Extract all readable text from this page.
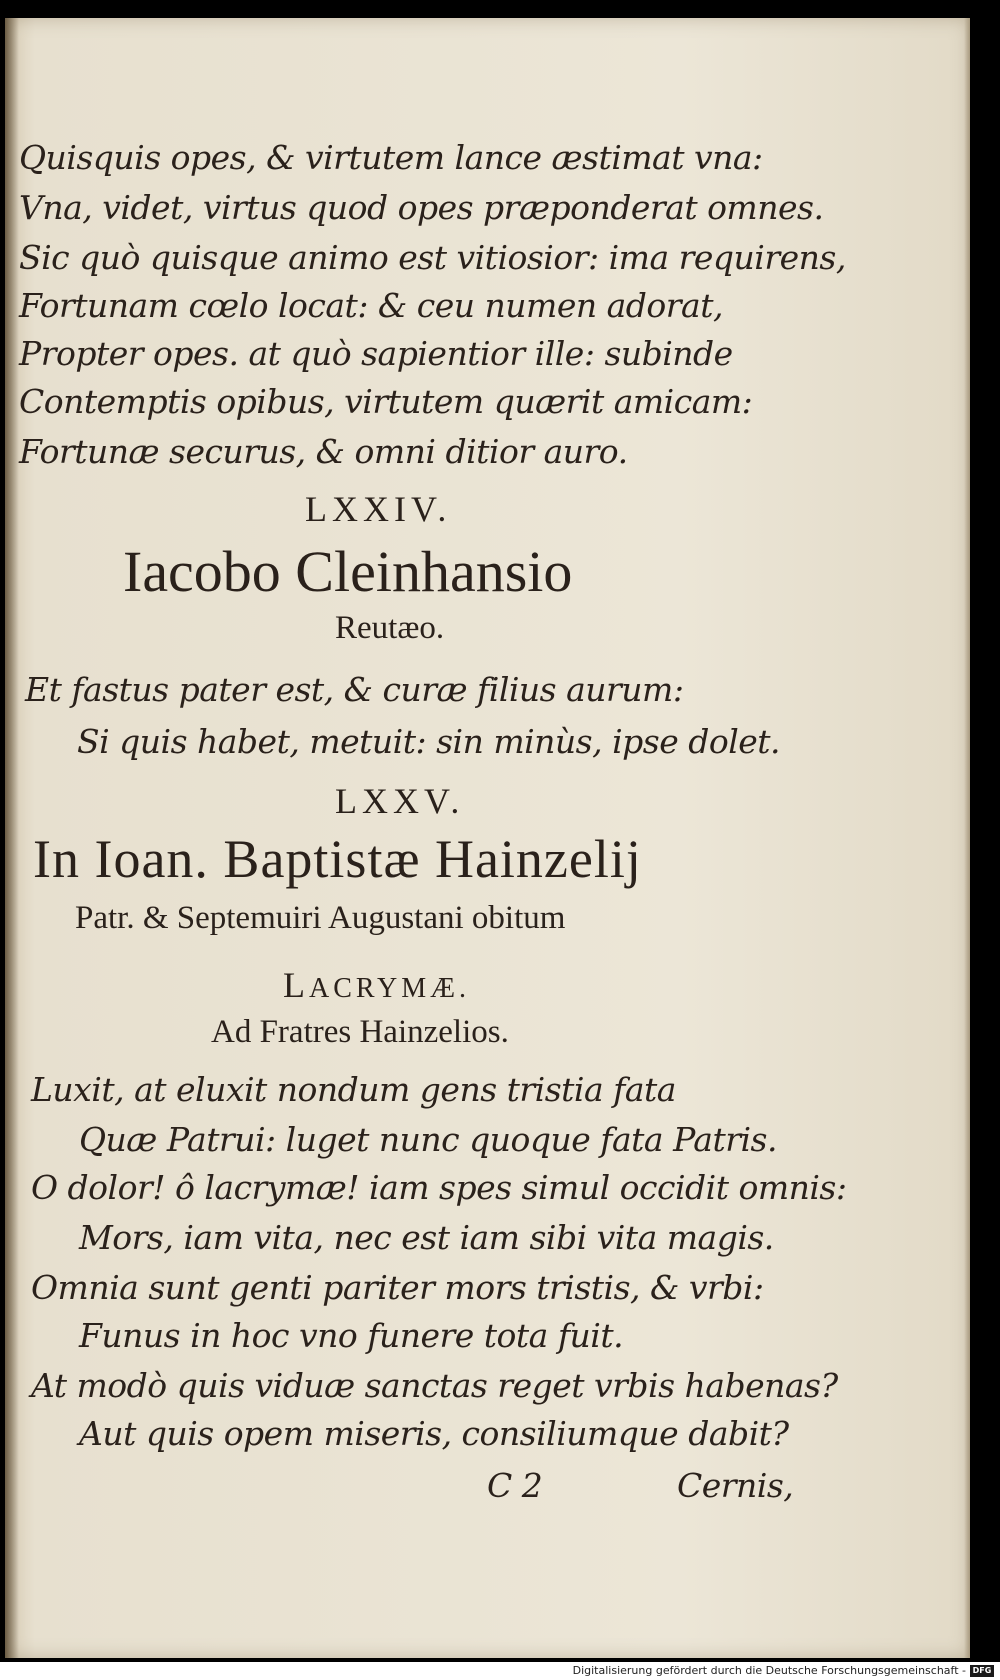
Quisquis opes, & virtutem lance æstimat vna:
Vna, videt, virtus quod opes præponderat omnes.
Sic quò quisque animo est vitiosior: ima requirens,
Fortunam cœlo locat: & ceu numen adorat,
Propter opes. at quò sapientior ille: subinde
Contemptis opibus, virtutem quærit amicam:
Fortunæ securus, & omni ditior auro.
LXXIV.
Iacobo Cleinhansio
Reutæo.
Et fastus pater est, & curæ filius aurum:
Si quis habet, metuit: sin minùs, ipse dolet.
LXXV.
In Ioan. Baptistæ Hainzelij
Patr. & Septemuiri Augustani obitum
LACRYMÆ.
Ad Fratres Hainzelios.
Luxit, at eluxit nondum gens tristia fata
Quæ Patrui: luget nunc quoque fata Patris.
O dolor! ô lacrymæ! iam spes simul occidit omnis:
Mors, iam vita, nec est iam sibi vita magis.
Omnia sunt genti pariter mors tristis, & vrbi:
Funus in hoc vno funere tota fuit.
At modò quis viduæ sanctas reget vrbis habenas?
Aut quis opem miseris, consiliumque dabit?
C 2	Cernis,
Digitalisierung gefördert durch die Deutsche Forschungsgemeinschaft - DFG
